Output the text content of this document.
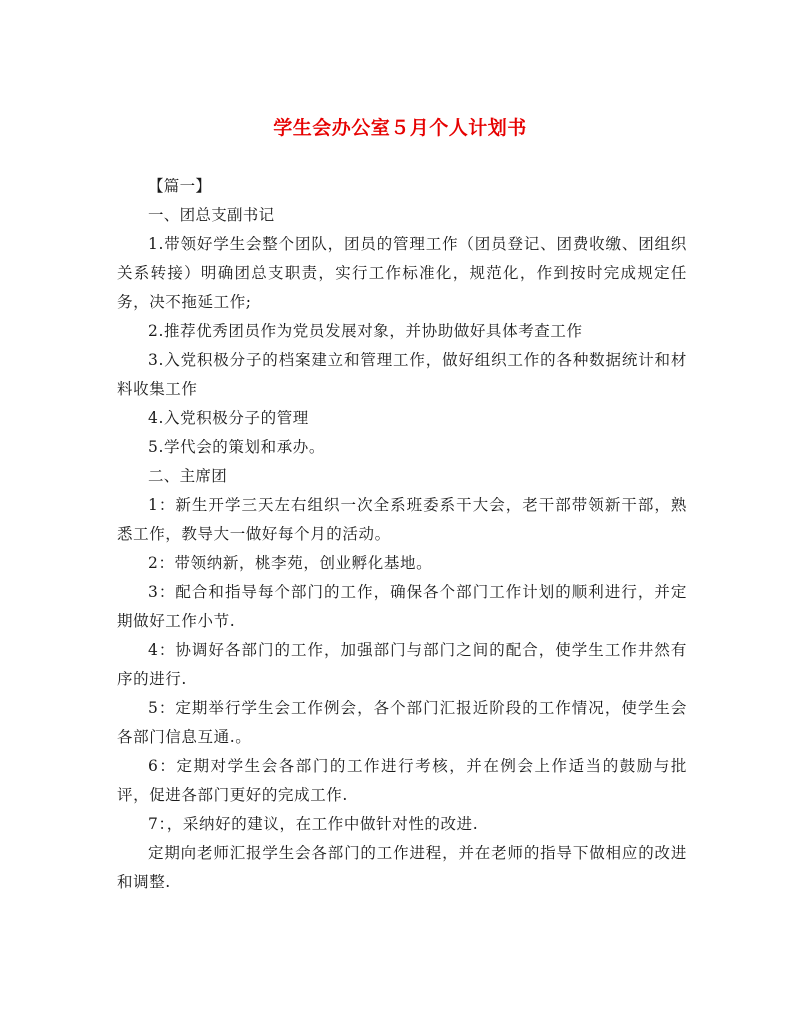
学生会办公室５月个人计划书

【篇一】

一、团总支副书记

1.带领好学生会整个团队，团员的管理工作（团员登记、团费收缴、团组织关系转接）明确团总支职责，实行工作标准化，规范化，作到按时完成规定任务，决不拖延工作;

2.推荐优秀团员作为党员发展对象，并协助做好具体考查工作

3.入党积极分子的档案建立和管理工作，做好组织工作的各种数据统计和材料收集工作

4.入党积极分子的管理

5.学代会的策划和承办。

二、主席团

1：新生开学三天左右组织一次全系班委系干大会，老干部带领新干部，熟悉工作，教导大一做好每个月的活动。

2：带领纳新，桃李苑，创业孵化基地。

3：配合和指导每个部门的工作，确保各个部门工作计划的顺利进行，并定期做好工作小节.

4：协调好各部门的工作，加强部门与部门之间的配合，使学生工作井然有序的进行.

5：定期举行学生会工作例会，各个部门汇报近阶段的工作情况，使学生会各部门信息互通.。

6：定期对学生会各部门的工作进行考核，并在例会上作适当的鼓励与批评，促进各部门更好的完成工作.

7：，采纳好的建议，在工作中做针对性的改进.

定期向老师汇报学生会各部门的工作进程，并在老师的指导下做相应的改进和调整.
